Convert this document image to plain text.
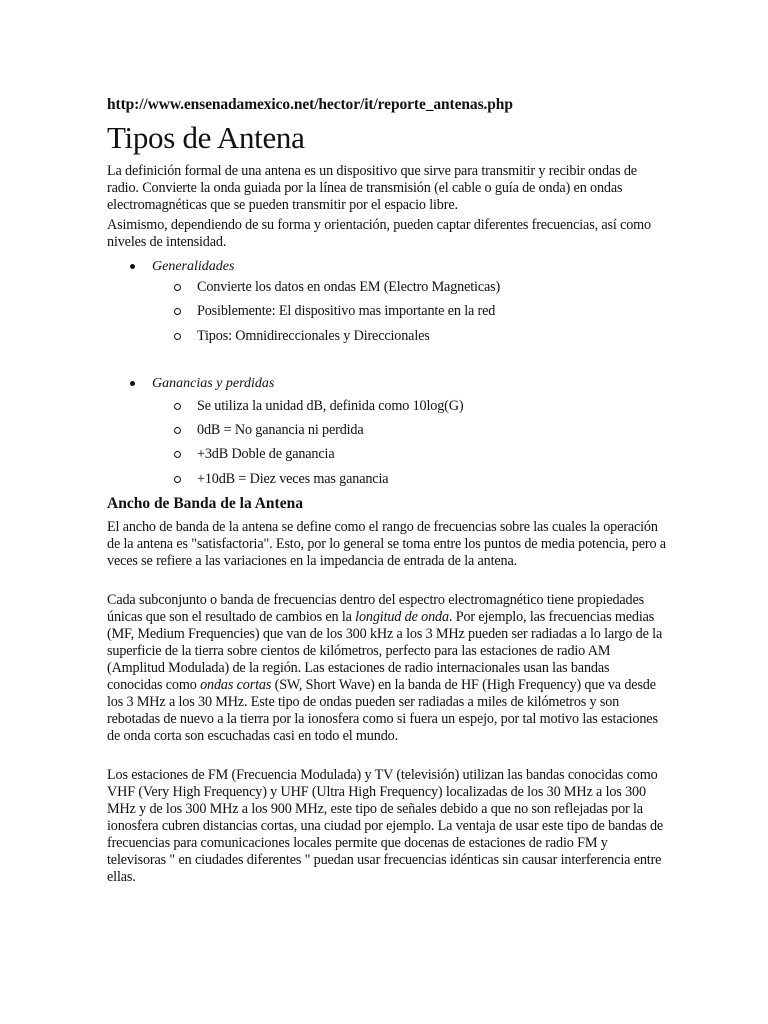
http://www.ensenadamexico.net/hector/it/reporte_antenas.php
Tipos de Antena

La definición formal de una antena es un dispositivo que sirve para transmitir y recibir ondas de radio. Convierte la onda guiada por la línea de transmisión (el cable o guía de onda) en ondas electromagnéticas que se pueden transmitir por el espacio libre.

Asimismo, dependiendo de su forma y orientación, pueden captar diferentes frecuencias, así como niveles de intensidad.

Generalidades
Convierte los datos en ondas EM (Electro Magneticas)
Posiblemente: El dispositivo mas importante en la red
Tipos: Omnidireccionales y Direccionales
Ganancias y perdidas
Se utiliza la unidad dB, definida como 10log(G)
0dB = No ganancia ni perdida
+3dB Doble de ganancia
+10dB = Diez veces mas ganancia
Ancho de Banda de la Antena

El ancho de banda de la antena se define como el rango de frecuencias sobre las cuales la operación de la antena es "satisfactoria". Esto, por lo general se toma entre los puntos de media potencia, pero a veces se refiere a las variaciones en la impedancia de entrada de la antena.

Cada subconjunto o banda de frecuencias dentro del espectro electromagnético tiene propiedades únicas que son el resultado de cambios en la longitud de onda. Por ejemplo, las frecuencias medias (MF, Medium Frequencies) que van de los 300 kHz a los 3 MHz pueden ser radiadas a lo largo de la superficie de la tierra sobre cientos de kilómetros, perfecto para las estaciones de radio AM (Amplitud Modulada) de la región. Las estaciones de radio internacionales usan las bandas conocidas como ondas cortas (SW, Short Wave) en la banda de HF (High Frequency) que va desde los 3 MHz a los 30 MHz. Este tipo de ondas pueden ser radiadas a miles de kilómetros y son rebotadas de nuevo a la tierra por la ionosfera como si fuera un espejo, por tal motivo las estaciones de onda corta son escuchadas casi en todo el mundo.

Los estaciones de FM (Frecuencia Modulada) y TV (televisión) utilizan las bandas conocidas como VHF (Very High Frequency) y UHF (Ultra High Frequency) localizadas de los 30 MHz a los 300 MHz y de los 300 MHz a los 900 MHz, este tipo de señales debido a que no son reflejadas por la ionosfera cubren distancias cortas, una ciudad por ejemplo. La ventaja de usar este tipo de bandas de frecuencias para comunicaciones locales permite que docenas de estaciones de radio FM y televisoras " en ciudades diferentes " puedan usar frecuencias idénticas sin causar interferencia entre ellas.
